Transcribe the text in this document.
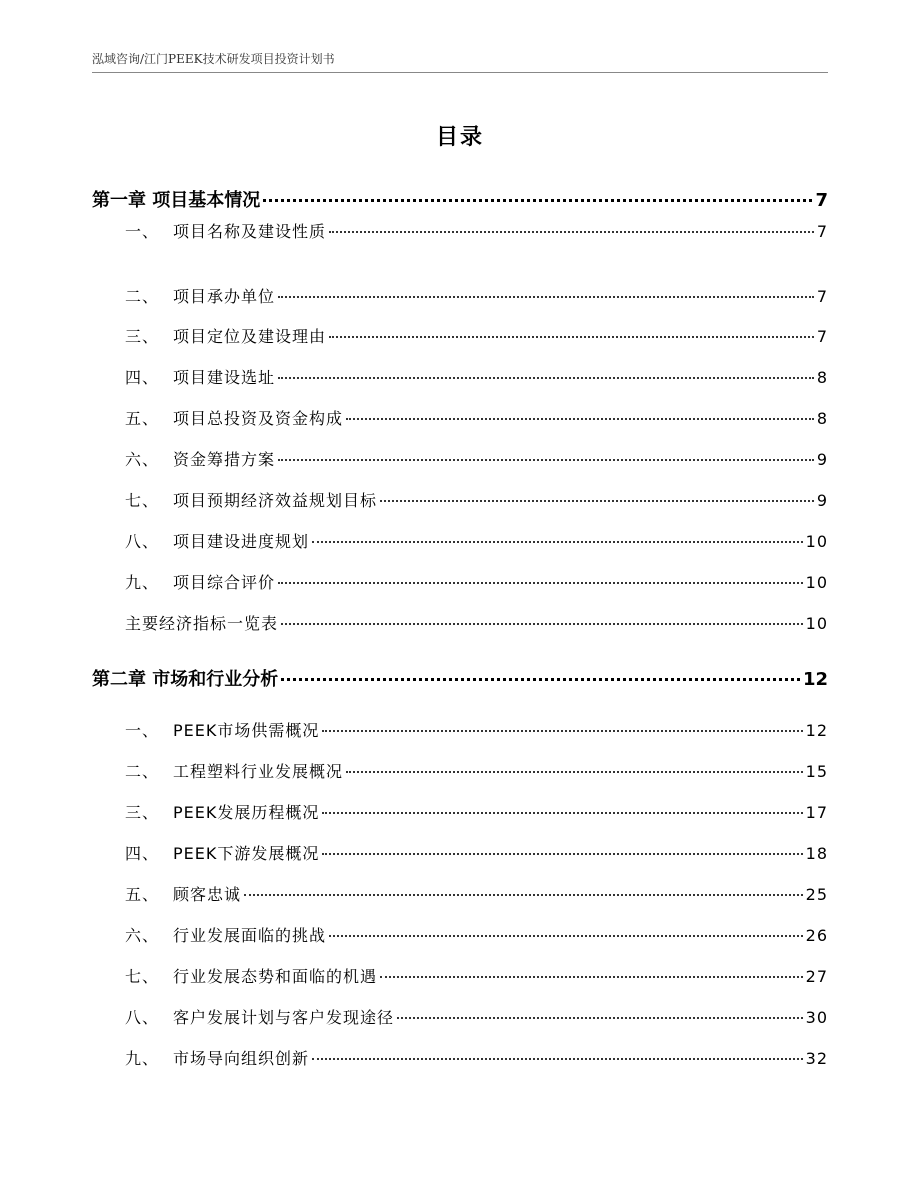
泓域咨询/江门PEEK技术研发项目投资计划书
目录
第一章 项目基本情况	7
一、 项目名称及建设性质	7
二、 项目承办单位	7
三、 项目定位及建设理由	7
四、 项目建设选址	8
五、 项目总投资及资金构成	8
六、 资金筹措方案	9
七、 项目预期经济效益规划目标	9
八、 项目建设进度规划	10
九、 项目综合评价	10
主要经济指标一览表	10
第二章 市场和行业分析	12
一、 PEEK市场供需概况	12
二、 工程塑料行业发展概况	15
三、 PEEK发展历程概况	17
四、 PEEK下游发展概况	18
五、 顾客忠诚	25
六、 行业发展面临的挑战	26
七、 行业发展态势和面临的机遇	27
八、 客户发展计划与客户发现途径	30
九、 市场导向组织创新	32
